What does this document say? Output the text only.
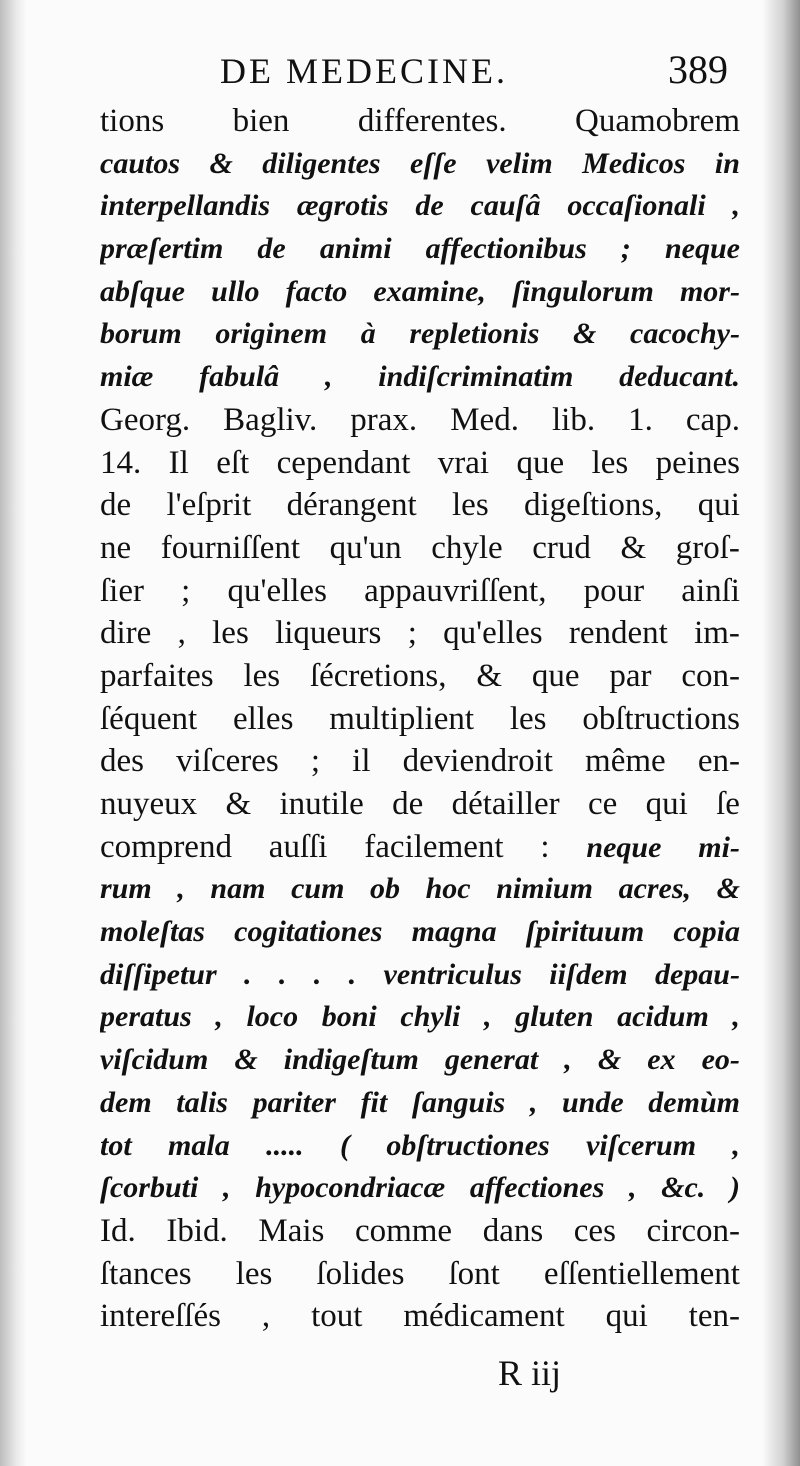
DE MEDECINE.	389
tions bien differentes. Quamobrem
cautos & diligentes eſſe velim Medicos in
interpellandis ægrotis de cauſâ occaſionali ,
præſertim de animi affectionibus ; neque
abſque ullo facto examine, ſingulorum mor-
borum originem à repletionis & cacochy-
miæ fabulâ , indiſcriminatim deducant.
Georg. Bagliv. prax. Med. lib. 1. cap.
14. Il eſt cependant vrai que les peines
de l'eſprit dérangent les digeſtions, qui
ne fourniſſent qu'un chyle crud & groſ-
ſier ; qu'elles appauvriſſent, pour ainſi
dire , les liqueurs ; qu'elles rendent im-
parfaites les ſécretions, & que par con-
ſéquent elles multiplient les obſtructions
des viſceres ; il deviendroit même en-
nuyeux & inutile de détailler ce qui ſe
comprend auſſi facilement : neque mi-
rum , nam cum ob hoc nimium acres, &
moleſtas cogitationes magna ſpirituum copia
diſſipetur . . . . ventriculus iiſdem depau-
peratus , loco boni chyli , gluten acidum ,
viſcidum & indigeſtum generat , & ex eo-
dem talis pariter fit ſanguis , unde demùm
tot mala ..... ( obſtructiones viſcerum ,
ſcorbuti , hypocondriacæ affectiones , &c. )
Id. Ibid. Mais comme dans ces circon-
ſtances les ſolides ſont eſſentiellement
intereſſés , tout médicament qui ten-
R iij
